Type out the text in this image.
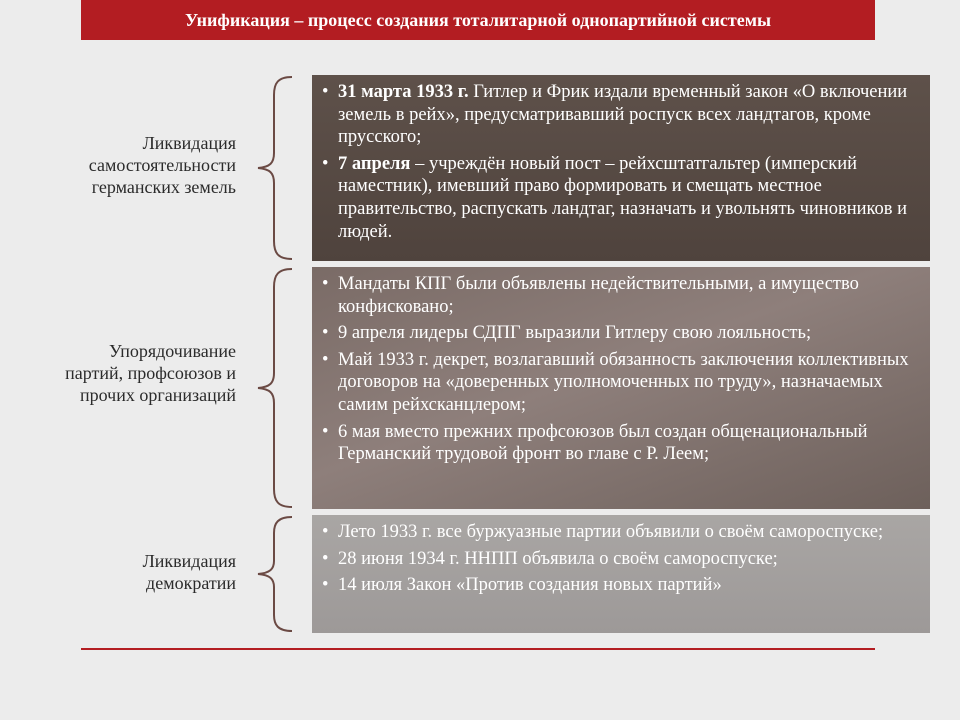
Унификация – процесс создания тоталитарной однопартийной системы
Ликвидация самостоятельности германских земель
• 31 марта 1933 г. Гитлер и Фрик издали временный закон «О включении земель в рейх», предусматривавший роспуск всех ландтагов, кроме прусского;
• 7 апреля – учреждён новый пост – рейхсштатгальтер (имперский наместник), имевший право формировать и смещать местное правительство, распускать ландтаг, назначать и увольнять чиновников и людей.
Упорядочивание партий, профсоюзов и прочих организаций
• Мандаты КПГ были объявлены недействительными, а имущество конфисковано;
• 9 апреля лидеры СДПГ выразили Гитлеру свою лояльность;
• Май 1933 г. декрет, возлагавший обязанность заключения коллективных договоров на «доверенных уполномоченных по труду», назначаемых самим рейхсканцлером;
• 6 мая вместо прежних профсоюзов был создан общенациональный Германский трудовой фронт во главе с Р. Леем;
Ликвидация демократии
• Лето 1933 г. все буржуазные партии объявили о своём самороспуске;
• 28 июня 1934 г. ННПП объявила о своём самороспуске;
• 14 июля Закон «Против создания новых партий»
